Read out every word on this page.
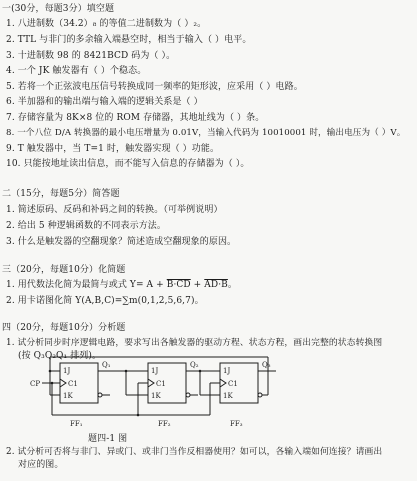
一(30分，每题3分）填空题
1. 八进制数（34.2）₈ 的等值二进制数为（ ）₂。
2. TTL 与非门的多余输入端悬空时，相当于输入（ ）电平。
3. 十进制数 98 的 8421BCD 码为（ ）。
4. 一个 JK 触发器有（ ）个稳态。
5. 若将一个正弦波电压信号转换成同一频率的矩形波，应采用（ ）电路。
6. 半加器和的输出端与输入端的逻辑关系是（ ）
7. 存储容量为 8K×8 位的 ROM 存储器，其地址线为（ ）条。
8. 一个八位 D/A 转换器的最小电压增量为 0.01V，当输入代码为 10010001 时，输出电压为（ ）V。
9. T 触发器中，当 T=1 时，触发器实现（ ）功能。
10. 只能按地址读出信息，而不能写入信息的存储器为（ ）。
二（15分，每题5分）简答题
1. 简述原码、反码和补码之间的转换。（可举例说明）
2. 给出 5 种逻辑函数的不同表示方法。
3. 什么是触发器的空翻现象？简述造成空翻现象的原因。
三（20分，每题10分）化简题
1. 用代数法化简为最简与或式 Y= A + B·CD + AD·B。
2. 用卡诺图化简 Y(A,B,C)=∑m(0,1,2,5,6,7)。
四（20分，每题10分）分析题
1. 试分析同步时序逻辑电路，要求写出各触发器的驱动方程、状态方程，画出完整的状态转换图
(按 Q₃Q₂Q₁ 排列)。
CP
1J
C1
1K
1J
C1
1K
1J
C1
1K
Q₁	Q₂	Q₃
FF₁	FF₂	FF₃
题四-1 图
2. 试分析可否将与非门、异或门、或非门当作反相器使用？如可以，各输入端如何连接？请画出
对应的图。
